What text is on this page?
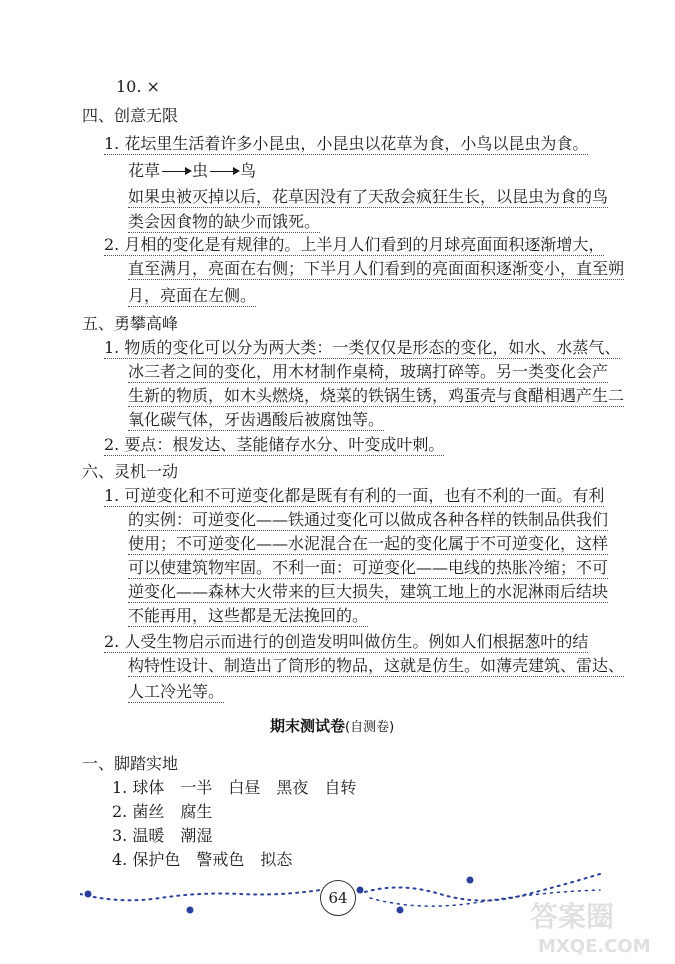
10. ×
四、创意无限
1. 花坛里生活着许多小昆虫，小昆虫以花草为食，小鸟以昆虫为食。
花草 虫 鸟
如果虫被灭掉以后，花草因没有了天敌会疯狂生长，以昆虫为食的鸟
类会因食物的缺少而饿死。
2. 月相的变化是有规律的。上半月人们看到的月球亮面面积逐渐增大，
直至满月，亮面在右侧；下半月人们看到的亮面面积逐渐变小，直至朔
月，亮面在左侧。
五、勇攀高峰
1. 物质的变化可以分为两大类：一类仅仅是形态的变化，如水、水蒸气、
冰三者之间的变化，用木材制作桌椅，玻璃打碎等。另一类变化会产
生新的物质，如木头燃烧，烧菜的铁锅生锈，鸡蛋壳与食醋相遇产生二
氧化碳气体，牙齿遇酸后被腐蚀等。
2. 要点：根发达、茎能储存水分、叶变成叶刺。
六、灵机一动
1. 可逆变化和不可逆变化都是既有有利的一面，也有不利的一面。有利
的实例：可逆变化——铁通过变化可以做成各种各样的铁制品供我们
使用；不可逆变化——水泥混合在一起的变化属于不可逆变化，这样
可以使建筑物牢固。不利一面：可逆变化——电线的热胀冷缩；不可
逆变化——森林大火带来的巨大损失，建筑工地上的水泥淋雨后结块
不能再用，这些都是无法挽回的。
2. 人受生物启示而进行的创造发明叫做仿生。例如人们根据葱叶的结
构特性设计、制造出了筒形的物品，这就是仿生。如薄壳建筑、雷达、
人工冷光等。
期末测试卷(自测卷)
一、脚踏实地
1. 球体　一半　白昼　黑夜　自转
2. 菌丝　腐生
3. 温暖　潮湿
4. 保护色　警戒色　拟态
64
答案圈
MXQE.COM
